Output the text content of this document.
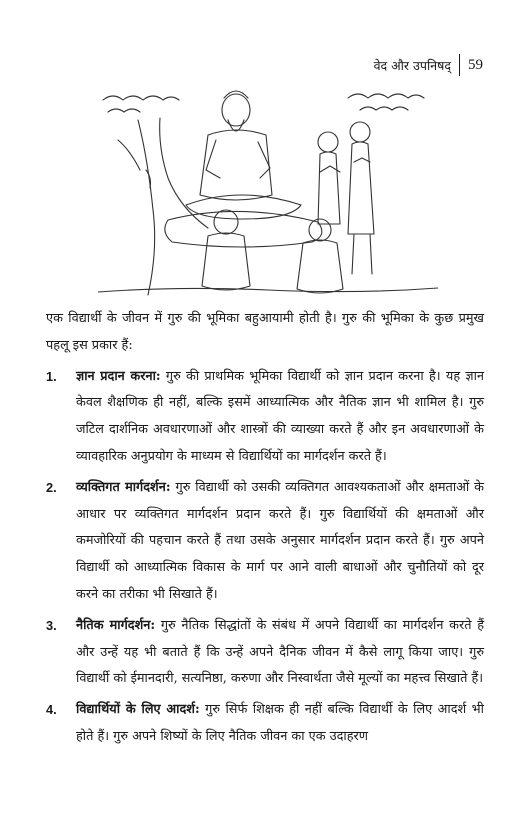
वेद और उपनिषद् 59

एक विद्यार्थी के जीवन में गुरु की भूमिका बहुआयामी होती है। गुरु की भूमिका के कुछ प्रमुख पहलू इस प्रकार हैं:

1.	ज्ञान प्रदान करना: गुरु की प्राथमिक भूमिका विद्यार्थी को ज्ञान प्रदान करना है। यह ज्ञान केवल शैक्षणिक ही नहीं, बल्कि इसमें आध्यात्मिक और नैतिक ज्ञान भी शामिल है। गुरु जटिल दार्शनिक अवधारणाओं और शास्त्रों की व्याख्या करते हैं और इन अवधारणाओं के व्यावहारिक अनुप्रयोग के माध्यम से विद्यार्थियों का मार्गदर्शन करते हैं।
2.	व्यक्तिगत मार्गदर्शन: गुरु विद्यार्थी को उसकी व्यक्तिगत आवश्यकताओं और क्षमताओं के आधार पर व्यक्तिगत मार्गदर्शन प्रदान करते हैं। गुरु विद्यार्थियों की क्षमताओं और कमजोरियों की पहचान करते हैं तथा उसके अनुसार मार्गदर्शन प्रदान करते हैं। गुरु अपने विद्यार्थी को आध्यात्मिक विकास के मार्ग पर आने वाली बाधाओं और चुनौतियों को दूर करने का तरीका भी सिखाते हैं।
3.	नैतिक मार्गदर्शन: गुरु नैतिक सिद्धांतों के संबंध में अपने विद्यार्थी का मार्गदर्शन करते हैं और उन्हें यह भी बताते हैं कि उन्हें अपने दैनिक जीवन में कैसे लागू किया जाए। गुरु विद्यार्थी को ईमानदारी, सत्यनिष्ठा, करुणा और निस्वार्थता जैसे मूल्यों का महत्त्व सिखाते हैं।
4.	विद्यार्थियों के लिए आदर्श: गुरु सिर्फ शिक्षक ही नहीं बल्कि विद्यार्थी के लिए आदर्श भी होते हैं। गुरु अपने शिष्यों के लिए नैतिक जीवन का एक उदाहरण
